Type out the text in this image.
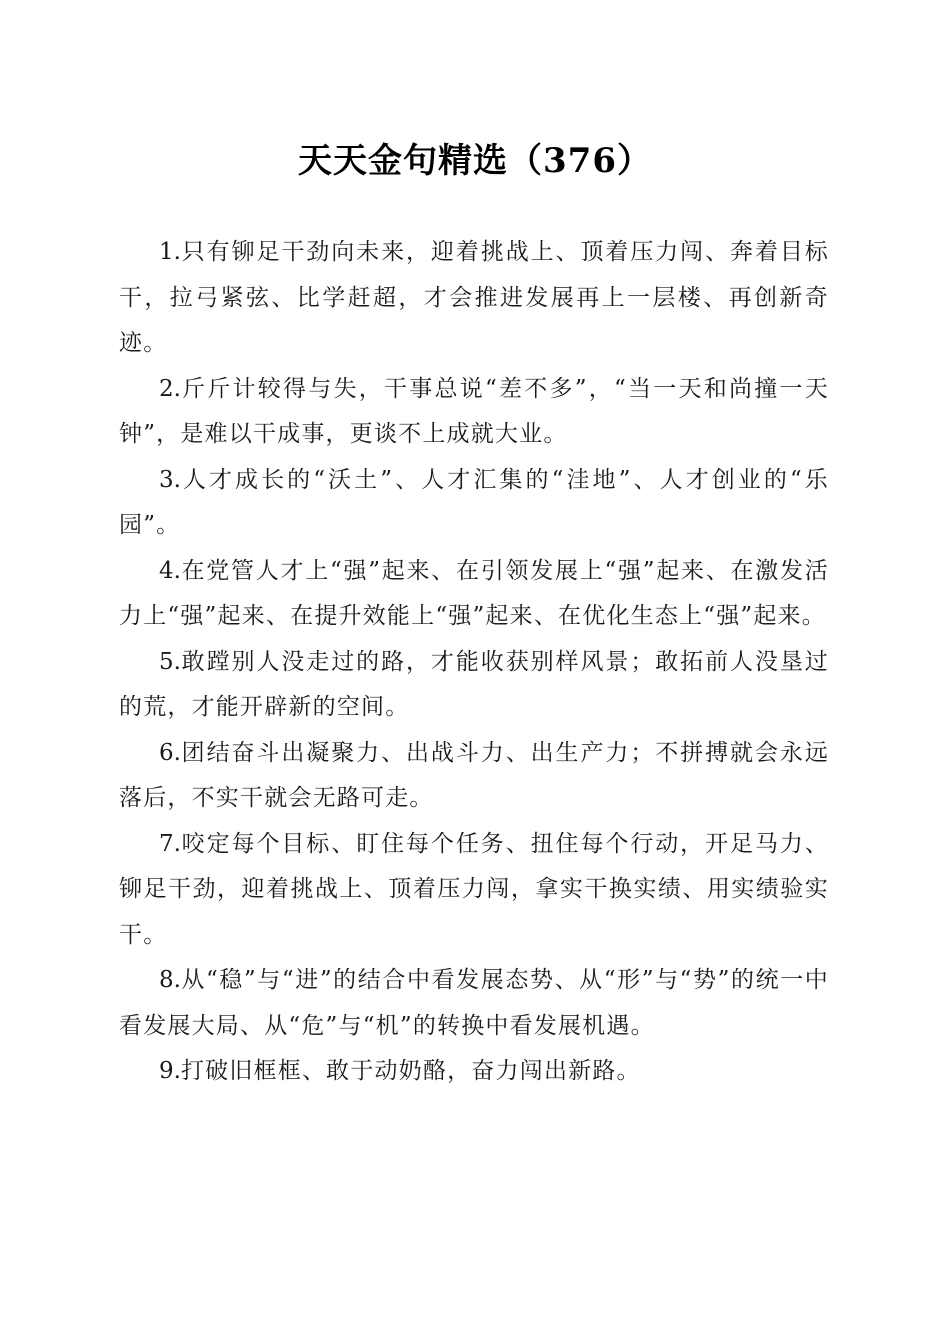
天天金句精选（376）

1.只有铆足干劲向未来，迎着挑战上、顶着压力闯、奔着目标干，拉弓紧弦、比学赶超，才会推进发展再上一层楼、再创新奇迹。

2.斤斤计较得与失，干事总说“差不多”，“当一天和尚撞一天钟”，是难以干成事，更谈不上成就大业。

3.人才成长的“沃土”、人才汇集的“洼地”、人才创业的“乐园”。

4.在党管人才上“强”起来、在引领发展上“强”起来、在激发活力上“强”起来、在提升效能上“强”起来、在优化生态上“强”起来。

5.敢蹚别人没走过的路，才能收获别样风景；敢拓前人没垦过的荒，才能开辟新的空间。

6.团结奋斗出凝聚力、出战斗力、出生产力；不拼搏就会永远落后，不实干就会无路可走。

7.咬定每个目标、盯住每个任务、扭住每个行动，开足马力、铆足干劲，迎着挑战上、顶着压力闯，拿实干换实绩、用实绩验实干。

8.从“稳”与“进”的结合中看发展态势、从“形”与“势”的统一中看发展大局、从“危”与“机”的转换中看发展机遇。

9.打破旧框框、敢于动奶酪，奋力闯出新路。
